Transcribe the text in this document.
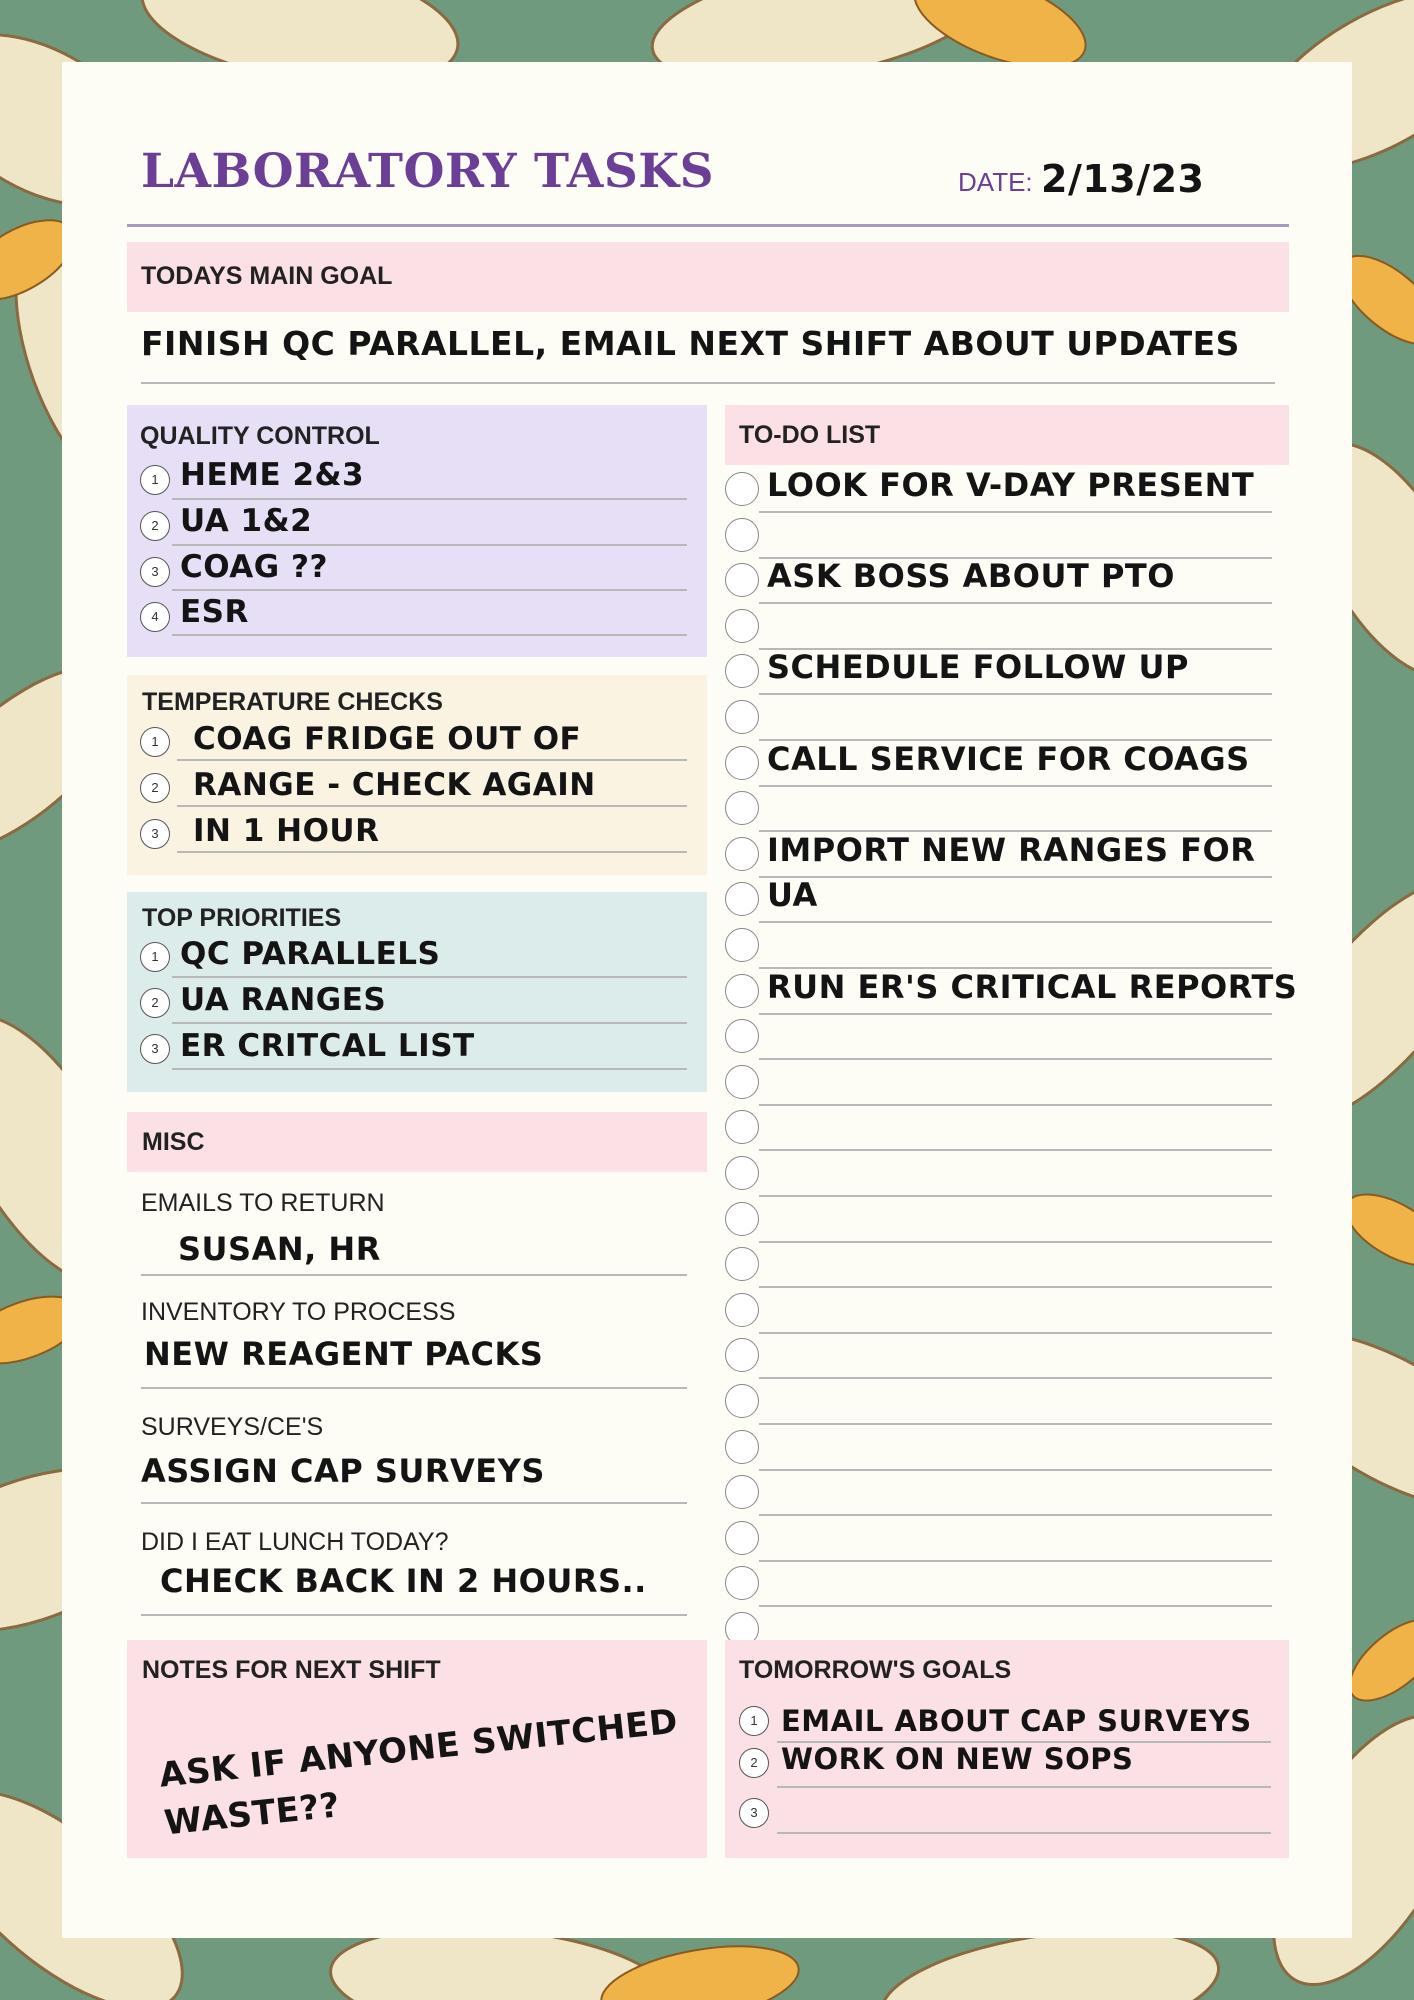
LABORATORY TASKS	DATE: 2/13/23
TODAYS MAIN GOAL
FINISH QC PARALLEL, EMAIL NEXT SHIFT ABOUT UPDATES
QUALITY CONTROL
1 HEME 2&3
2 UA 1&2
3 COAG ??
4 ESR
TEMPERATURE CHECKS
1	COAG FRIDGE OUT OF
2	RANGE - CHECK AGAIN
3	IN 1 HOUR
TOP PRIORITIES
1 QC PARALLELS
2 UA RANGES
3 ER CRITCAL LIST
MISC
EMAILS TO RETURN
SUSAN, HR
INVENTORY TO PROCESS
NEW REAGENT PACKS
SURVEYS/CE'S
ASSIGN CAP SURVEYS
DID I EAT LUNCH TODAY?
CHECK BACK IN 2 HOURS..
TO-DO LIST
LOOK FOR V-DAY PRESENT
ASK BOSS ABOUT PTO
SCHEDULE FOLLOW UP
CALL SERVICE FOR COAGS
IMPORT NEW RANGES FOR
UA
RUN ER'S CRITICAL REPORTS
NOTES FOR NEXT SHIFT
ASK IF ANYONE SWITCHED
WASTE??
TOMORROW'S GOALS
1 EMAIL ABOUT CAP SURVEYS
2 WORK ON NEW SOPS
3
